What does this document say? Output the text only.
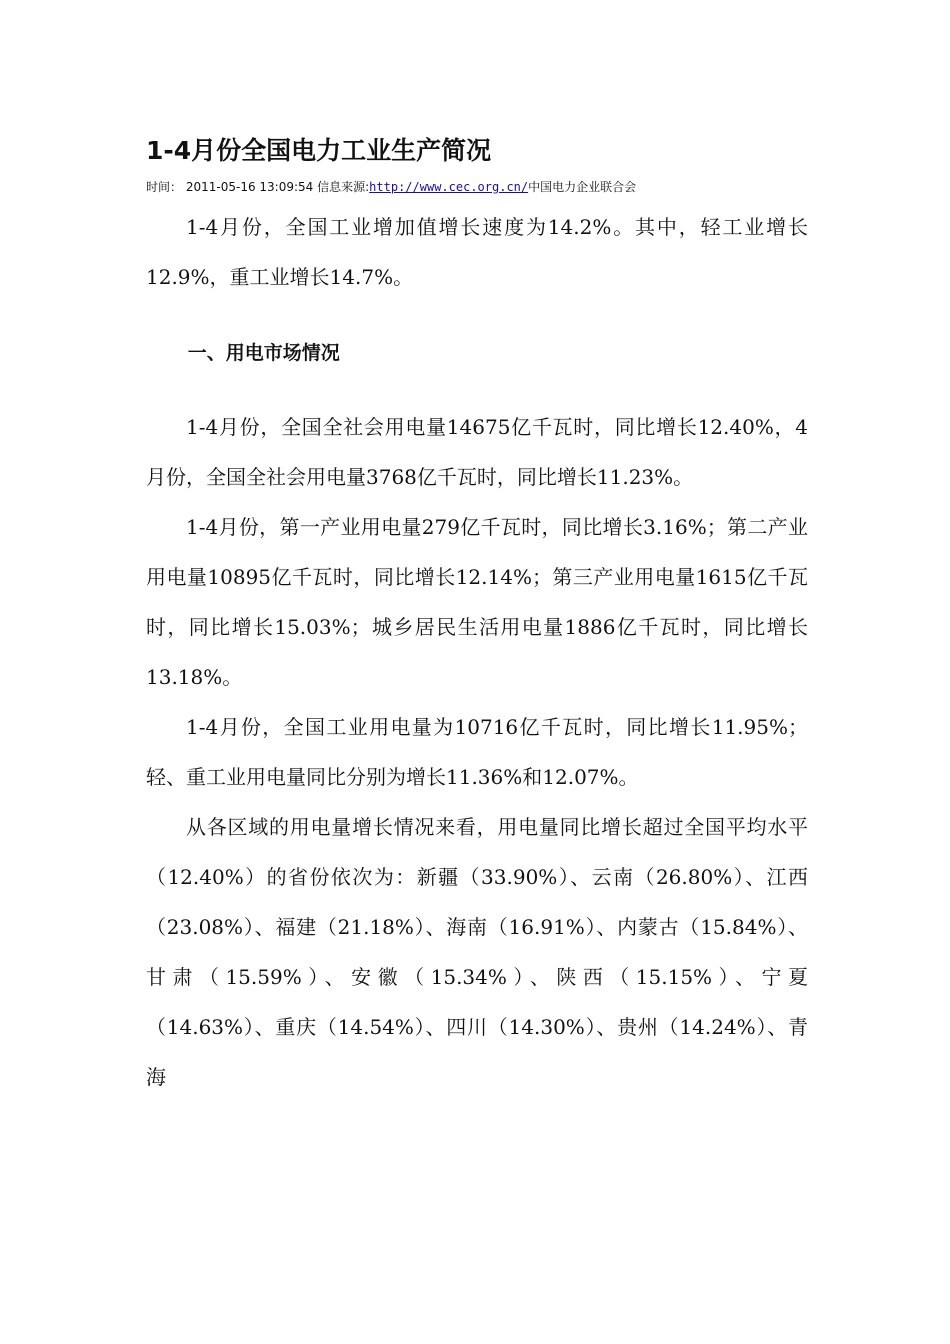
1-4月份全国电力工业生产简况
时间： 2011-05-16 13:09:54 信息来源:http://www.cec.org.cn/中国电力企业联合会

1-4月份，全国工业增加值增长速度为14.2%。其中，轻工业增长12.9%，重工业增长14.7%。

一、用电市场情况

1-4月份，全国全社会用电量14675亿千瓦时，同比增长12.40%，4月份，全国全社会用电量3768亿千瓦时，同比增长11.23%。

1-4月份，第一产业用电量279亿千瓦时，同比增长3.16%；第二产业用电量10895亿千瓦时，同比增长12.14%；第三产业用电量1615亿千瓦时，同比增长15.03%；城乡居民生活用电量1886亿千瓦时，同比增长13.18%。

1-4月份，全国工业用电量为10716亿千瓦时，同比增长11.95%；轻、重工业用电量同比分别为增长11.36%和12.07%。

从各区域的用电量增长情况来看，用电量同比增长超过全国平均水平（12.40%）的省份依次为：新疆（33.90%）、云南（26.80%）、江西（23.08%）、福建（21.18%）、海南（16.91%）、内蒙古（15.84%）、甘肃（15.59%）、安徽（15.34%）、陕西（15.15%）、宁夏（14.63%）、重庆（14.54%）、四川（14.30%）、贵州（14.24%）、青海
